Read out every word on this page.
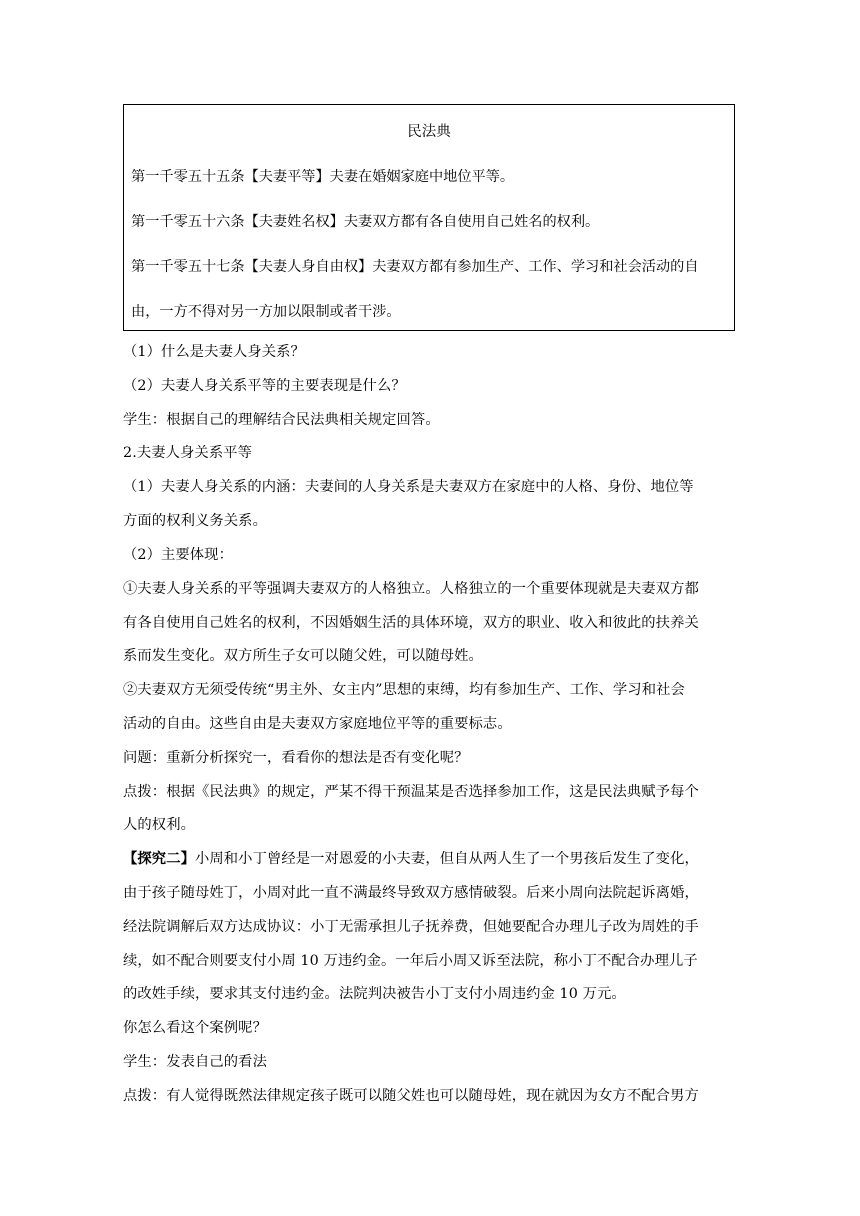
民法典
第一千零五十五条【夫妻平等】夫妻在婚姻家庭中地位平等。
第一千零五十六条【夫妻姓名权】夫妻双方都有各自使用自己姓名的权利。
第一千零五十七条【夫妻人身自由权】夫妻双方都有参加生产、工作、学习和社会活动的自
由，一方不得对另一方加以限制或者干涉。
（1）什么是夫妻人身关系？
（2）夫妻人身关系平等的主要表现是什么？
学生：根据自己的理解结合民法典相关规定回答。
2.夫妻人身关系平等
（1）夫妻人身关系的内涵：夫妻间的人身关系是夫妻双方在家庭中的人格、身份、地位等
方面的权利义务关系。
（2）主要体现：
①夫妻人身关系的平等强调夫妻双方的人格独立。人格独立的一个重要体现就是夫妻双方都
有各自使用自己姓名的权利，不因婚姻生活的具体环境，双方的职业、收入和彼此的扶养关
系而发生变化。双方所生子女可以随父姓，可以随母姓。
②夫妻双方无须受传统“男主外、女主内”思想的束缚，均有参加生产、工作、学习和社会
活动的自由。这些自由是夫妻双方家庭地位平等的重要标志。
问题：重新分析探究一，看看你的想法是否有变化呢？
点拨：根据《民法典》的规定，严某不得干预温某是否选择参加工作，这是民法典赋予每个
人的权利。
【探究二】小周和小丁曾经是一对恩爱的小夫妻，但自从两人生了一个男孩后发生了变化，
由于孩子随母姓丁，小周对此一直不满最终导致双方感情破裂。后来小周向法院起诉离婚，
经法院调解后双方达成协议：小丁无需承担儿子抚养费，但她要配合办理儿子改为周姓的手
续，如不配合则要支付小周 10 万违约金。一年后小周又诉至法院，称小丁不配合办理儿子
的改姓手续，要求其支付违约金。法院判决被告小丁支付小周违约金 10 万元。
你怎么看这个案例呢？
学生：发表自己的看法
点拨：有人觉得既然法律规定孩子既可以随父姓也可以随母姓，现在就因为女方不配合男方
